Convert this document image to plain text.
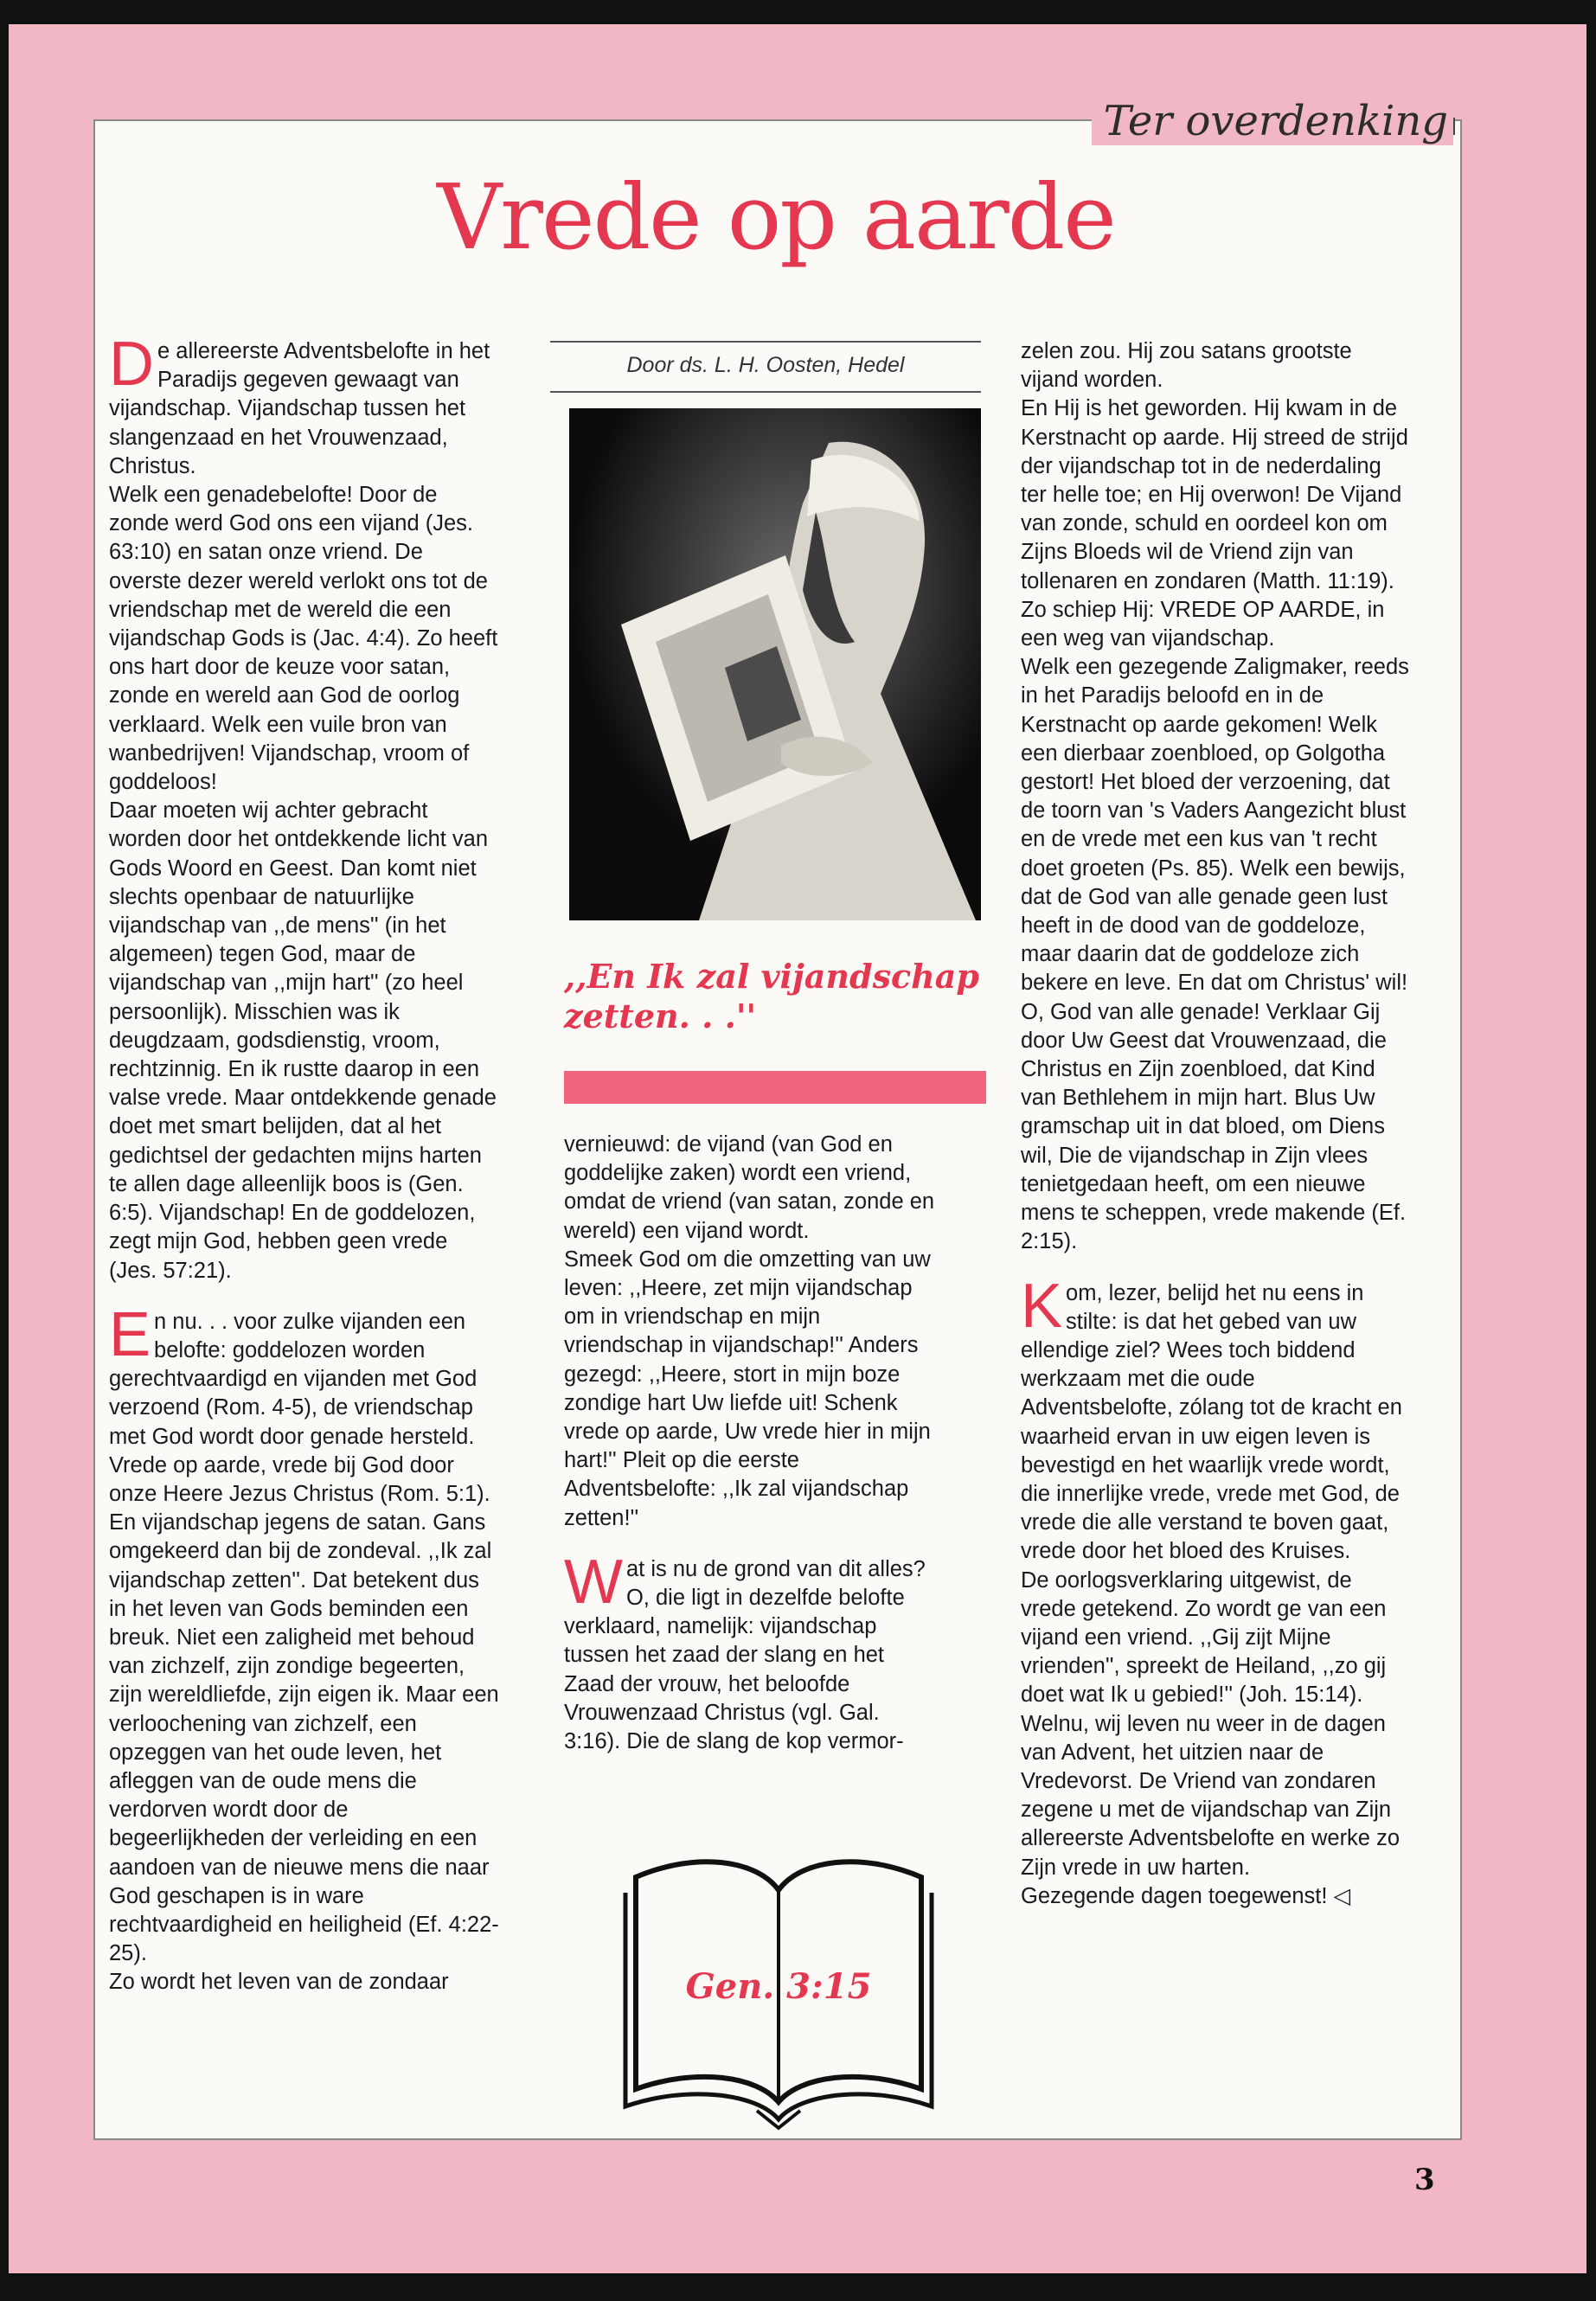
Ter overdenking
Vrede op aarde

De allereerste Adventsbelofte in het Paradijs gegeven gewaagt van vijandschap. Vijandschap tussen het slangenzaad en het Vrouwenzaad, Christus.

Welk een genadebelofte! Door de zonde werd God ons een vijand (Jes. 63:10) en satan onze vriend. De overste dezer wereld verlokt ons tot de vriendschap met de wereld die een vijandschap Gods is (Jac. 4:4). Zo heeft ons hart door de keuze voor satan, zonde en wereld aan God de oorlog verklaard. Welk een vuile bron van wanbedrijven! Vijandschap, vroom of goddeloos!

Daar moeten wij achter gebracht worden door het ontdekkende licht van Gods Woord en Geest. Dan komt niet slechts openbaar de natuurlijke vijandschap van ,,de mens'' (in het algemeen) tegen God, maar de vijandschap van ,,mijn hart'' (zo heel persoonlijk). Misschien was ik deugdzaam, godsdienstig, vroom, rechtzinnig. En ik rustte daarop in een valse vrede. Maar ontdekkende genade doet met smart belijden, dat al het gedichtsel der gedachten mijns harten te allen dage alleenlijk boos is (Gen. 6:5). Vijandschap! En de goddelozen, zegt mijn God, hebben geen vrede (Jes. 57:21).

En nu. . . voor zulke vijanden een belofte: goddelozen worden gerechtvaardigd en vijanden met God verzoend (Rom. 4-5), de vriendschap met God wordt door genade hersteld. Vrede op aarde, vrede bij God door onze Heere Jezus Christus (Rom. 5:1). En vijandschap jegens de satan. Gans omgekeerd dan bij de zondeval. ,,Ik zal vijandschap zetten''. Dat betekent dus in het leven van Gods beminden een breuk. Niet een zaligheid met behoud van zichzelf, zijn zondige begeerten, zijn wereldliefde, zijn eigen ik. Maar een verloochening van zichzelf, een opzeggen van het oude leven, het afleggen van de oude mens die verdorven wordt door de begeerlijkheden der verleiding en een aandoen van de nieuwe mens die naar God geschapen is in ware rechtvaardigheid en heiligheid (Ef. 4:22-25).

Zo wordt het leven van de zondaar

Door ds. L. H. Oosten, Hedel
,,En Ik zal vijandschap zetten. . .''

vernieuwd: de vijand (van God en goddelijke zaken) wordt een vriend, omdat de vriend (van satan, zonde en wereld) een vijand wordt.

Smeek God om die omzetting van uw leven: ,,Heere, zet mijn vijandschap om in vriendschap en mijn vriendschap in vijandschap!'' Anders gezegd: ,,Heere, stort in mijn boze zondige hart Uw liefde uit! Schenk vrede op aarde, Uw vrede hier in mijn hart!'' Pleit op die eerste Adventsbelofte: ,,Ik zal vijandschap zetten!''

Wat is nu de grond van dit alles? O, die ligt in dezelfde belofte verklaard, namelijk: vijandschap tussen het zaad der slang en het Zaad der vrouw, het beloofde Vrouwenzaad Christus (vgl. Gal. 3:16). Die de slang de kop vermor-

Gen. 3:15

zelen zou. Hij zou satans grootste vijand worden.

En Hij is het geworden. Hij kwam in de Kerstnacht op aarde. Hij streed de strijd der vijandschap tot in de nederdaling ter helle toe; en Hij overwon! De Vijand van zonde, schuld en oordeel kon om Zijns Bloeds wil de Vriend zijn van tollenaren en zondaren (Matth. 11:19). Zo schiep Hij: VREDE OP AARDE, in een weg van vijandschap.

Welk een gezegende Zaligmaker, reeds in het Paradijs beloofd en in de Kerstnacht op aarde gekomen! Welk een dierbaar zoenbloed, op Golgotha gestort! Het bloed der verzoening, dat de toorn van 's Vaders Aangezicht blust en de vrede met een kus van 't recht doet groeten (Ps. 85). Welk een bewijs, dat de God van alle genade geen lust heeft in de dood van de goddeloze, maar daarin dat de goddeloze zich bekere en leve. En dat om Christus' wil!

O, God van alle genade! Verklaar Gij door Uw Geest dat Vrouwenzaad, die Christus en Zijn zoenbloed, dat Kind van Bethlehem in mijn hart. Blus Uw gramschap uit in dat bloed, om Diens wil, Die de vijandschap in Zijn vlees tenietgedaan heeft, om een nieuwe mens te scheppen, vrede makende (Ef. 2:15).

Kom, lezer, belijd het nu eens in stilte: is dat het gebed van uw ellendige ziel? Wees toch biddend werkzaam met die oude Adventsbelofte, zólang tot de kracht en waarheid ervan in uw eigen leven is bevestigd en het waarlijk vrede wordt, die innerlijke vrede, vrede met God, de vrede die alle verstand te boven gaat, vrede door het bloed des Kruises.

De oorlogsverklaring uitgewist, de vrede getekend. Zo wordt ge van een vijand een vriend. ,,Gij zijt Mijne vrienden'', spreekt de Heiland, ,,zo gij doet wat Ik u gebied!'' (Joh. 15:14).

Welnu, wij leven nu weer in de dagen van Advent, het uitzien naar de Vredevorst. De Vriend van zondaren zegene u met de vijandschap van Zijn allereerste Adventsbelofte en werke zo Zijn vrede in uw harten.

Gezegende dagen toegewenst! ◁

3
